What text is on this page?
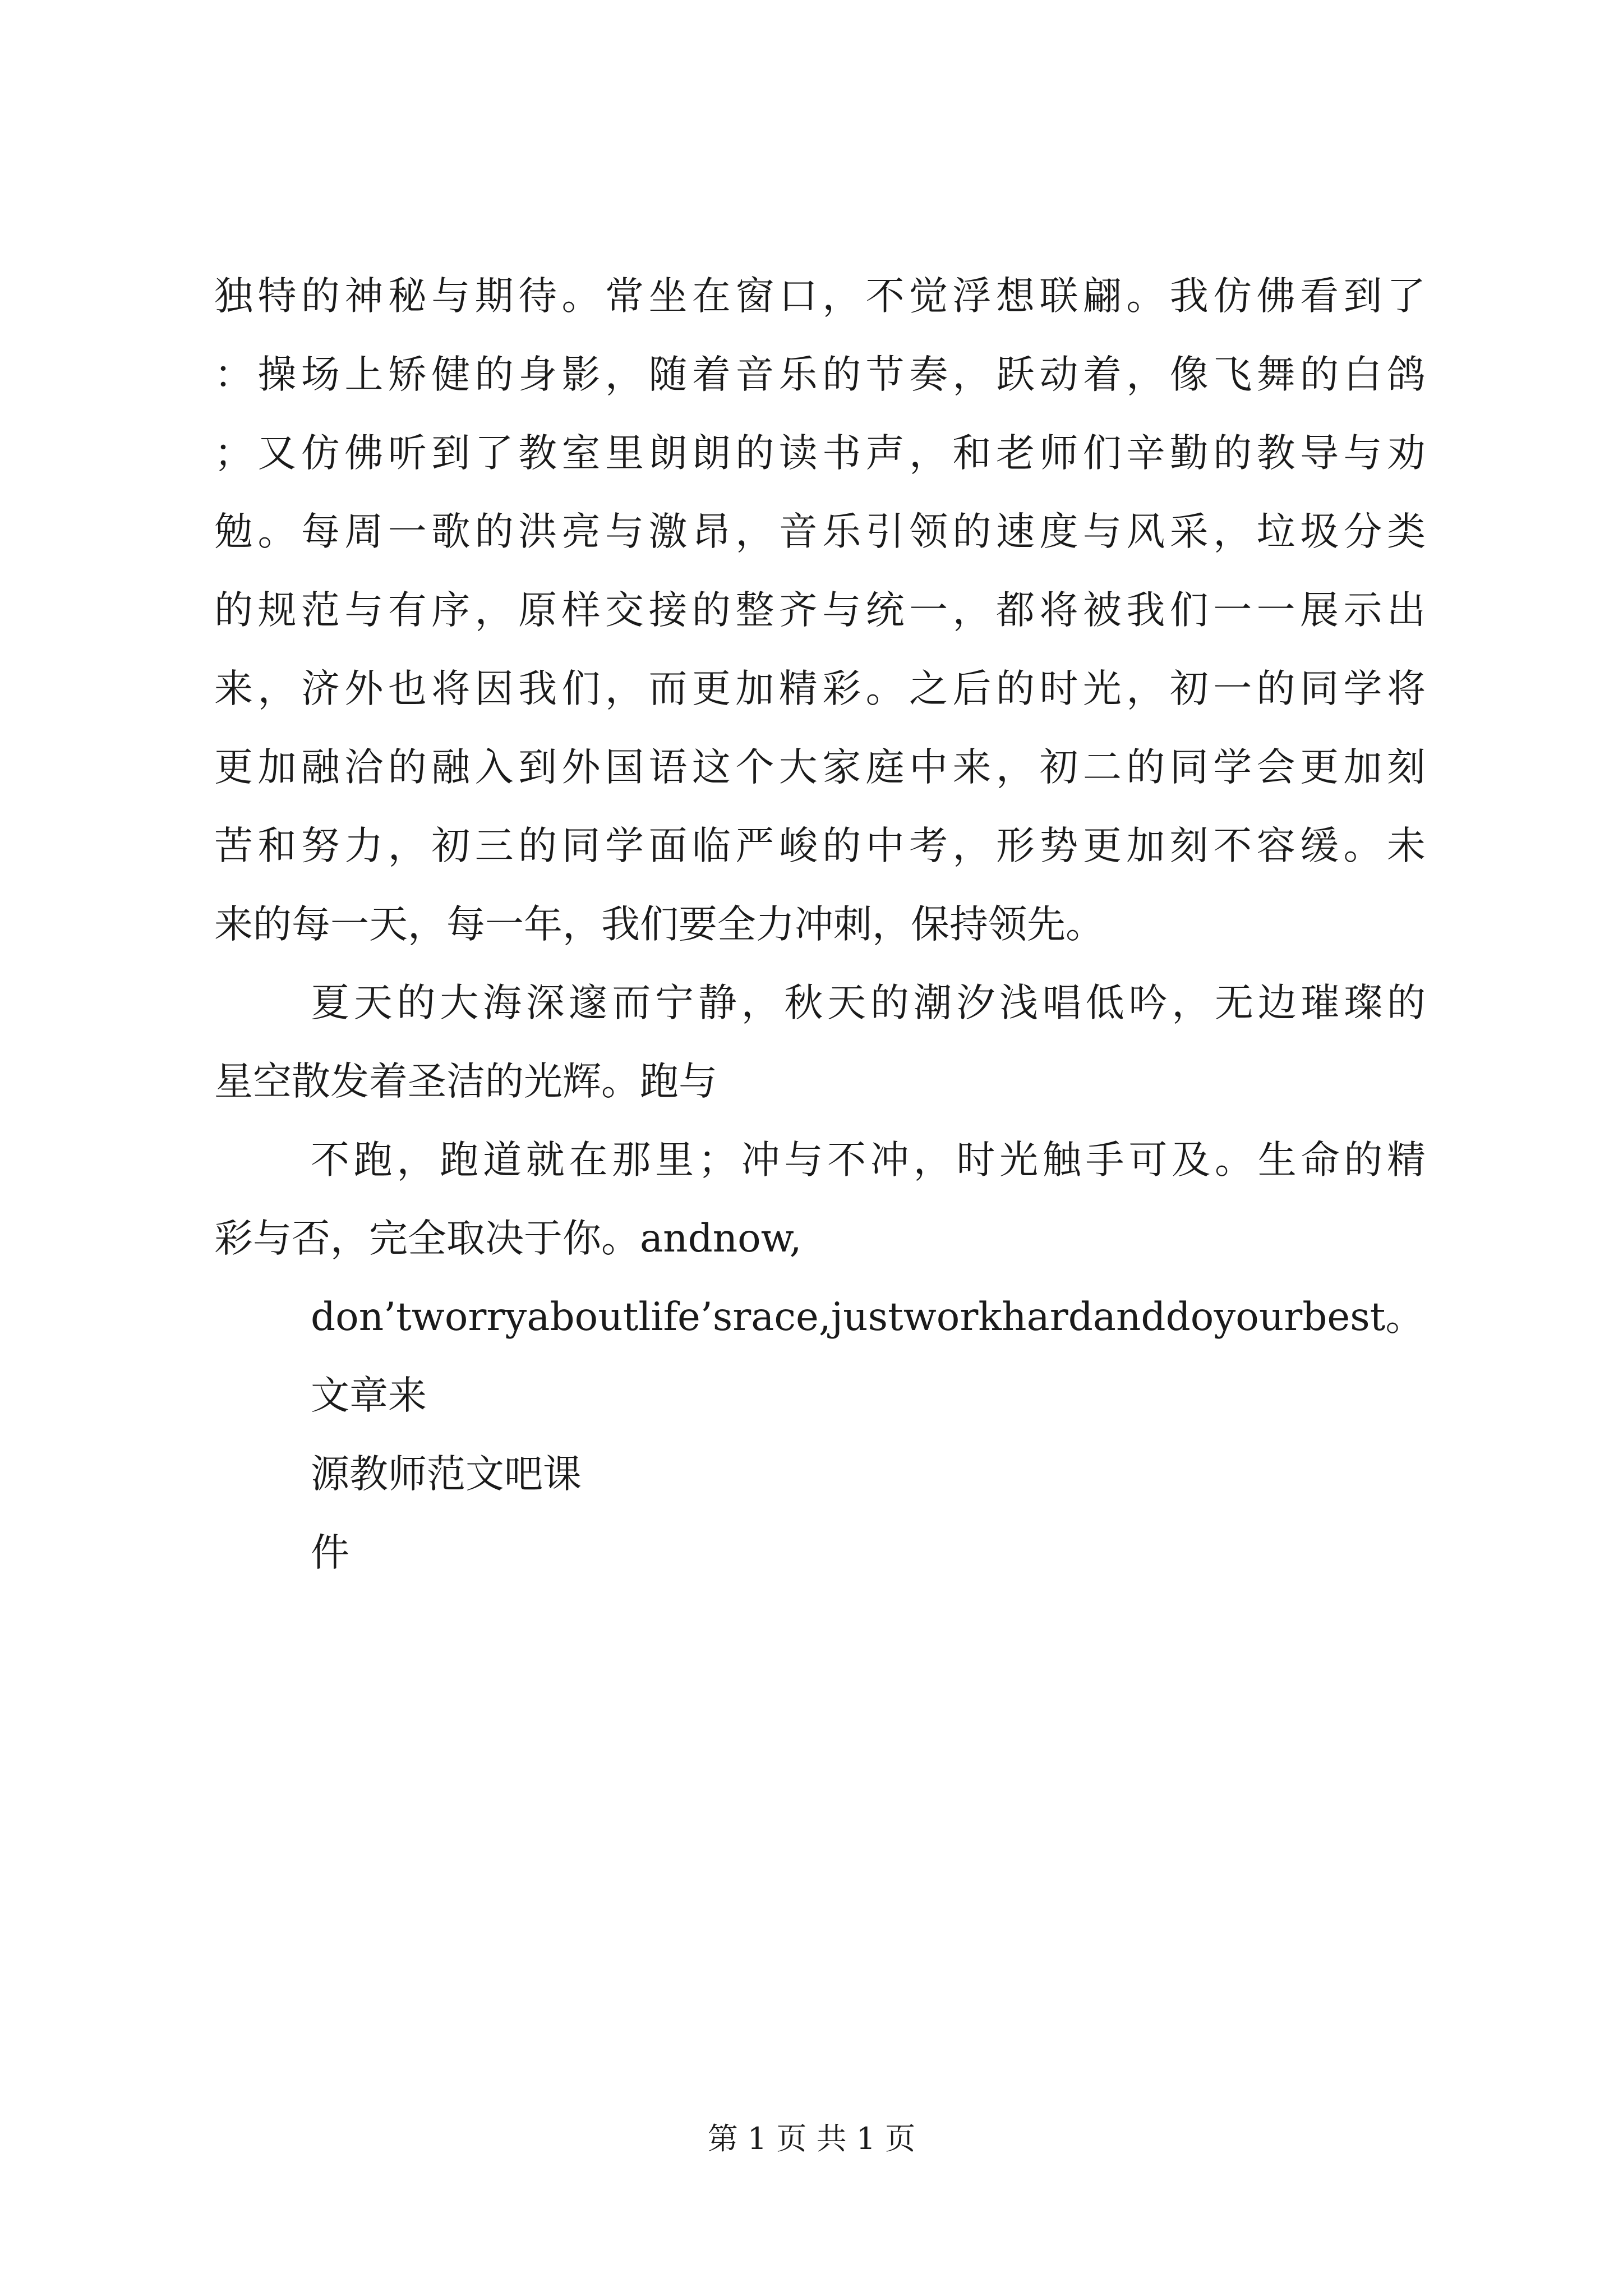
独特的神秘与期待。常坐在窗口，不觉浮想联翩。我仿佛看到了
：操场上矫健的身影，随着音乐的节奏，跃动着，像飞舞的白鸽
；又仿佛听到了教室里朗朗的读书声，和老师们辛勤的教导与劝
勉。每周一歌的洪亮与激昂，音乐引领的速度与风采，垃圾分类
的规范与有序，原样交接的整齐与统一，都将被我们一一展示出
来，济外也将因我们，而更加精彩。之后的时光，初一的同学将
更加融洽的融入到外国语这个大家庭中来，初二的同学会更加刻
苦和努力，初三的同学面临严峻的中考，形势更加刻不容缓。未
来的每一天，每一年，我们要全力冲刺，保持领先。
夏天的大海深邃而宁静，秋天的潮汐浅唱低吟，无边璀璨的
星空散发着圣洁的光辉。跑与
不跑，跑道就在那里；冲与不冲，时光触手可及。生命的精
彩与否，完全取决于你。andnow,
don’tworryaboutlife’srace,justworkhardanddoyourbest。
文章来
源教师范文吧课
件
第 1 页 共 1 页
